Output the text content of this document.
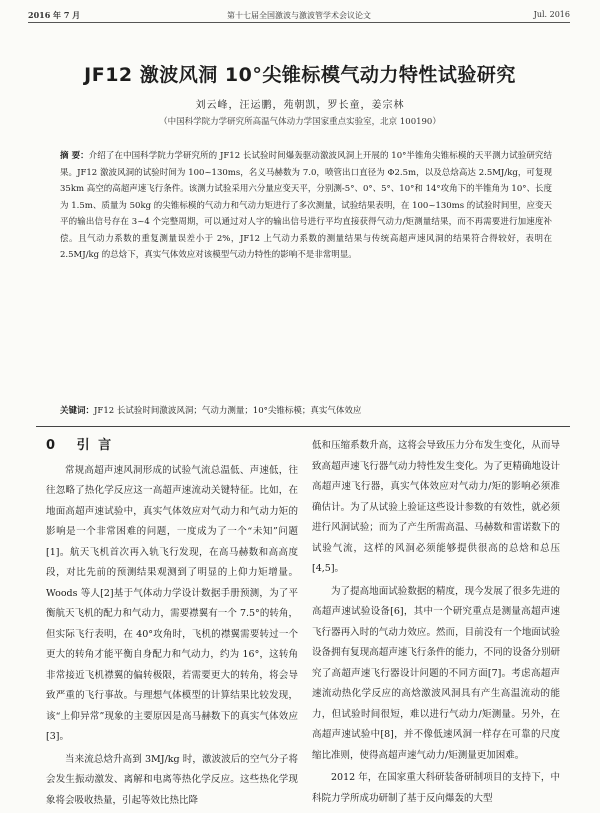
2016 年 7 月	第十七届全国激波与激波管学术会议论文	Jul. 2016
JF12 激波风洞 10°尖锥标模气动力特性试验研究
刘云峰，汪运鹏，苑朝凯，罗长童，姜宗林
（中国科学院力学研究所高温气体动力学国家重点实验室，北京 100190）
摘 要：介绍了在中国科学院力学研究所的 JF12 长试验时间爆轰驱动激波风洞上开展的 10°半锥角尖锥标模的天平测力试验研究结果。JF12 激波风洞的试验时间为 100~130ms，名义马赫数为 7.0，喷管出口直径为 Φ2.5m，以及总焓高达 2.5MJ/kg，可复现 35km 高空的高超声速飞行条件。该测力试验采用六分量应变天平，分别测-5°、0°、5°、10°和 14°攻角下的半锥角为 10°、长度为 1.5m、质量为 50kg 的尖锥标模的气动力和气动力矩进行了多次测量，试验结果表明，在 100~130ms 的试验时间里，应变天平的输出信号存在 3~4 个完整周期，可以通过对人字的输出信号进行平均直接获得气动力/矩测量结果，而不再需要进行加速度补偿。且气动力系数的重复测量误差小于 2%，JF12 上气动力系数的测量结果与传统高超声速风洞的结果符合得较好，表明在 2.5MJ/kg 的总焓下，真实气体效应对该模型气动力特性的影响不是非常明显。
关键词：JF12 长试验时间激波风洞；气动力测量；10°尖锥标模；真实气体效应
0 引 言

常规高超声速风洞形成的试验气流总温低、声速低，往往忽略了热化学反应这一高超声速流动关键特征。比如，在地面高超声速试验中，真实气体效应对气动力和气动力矩的影响是一个非常困难的问题，一度成为了一个“未知”问题[1]。航天飞机首次再入轨飞行发现，在高马赫数和高高度段，对比先前的预测结果观测到了明显的上仰力矩增量。Woods 等人[2]基于气体动力学设计数据手册预测，为了平衡航天飞机的配力和气动力，需要襟翼有一个 7.5°的转角，但实际飞行表明，在 40°攻角时，飞机的襟翼需要转过一个更大的转角才能平衡自身配力和气动力，约为 16°，这转角非常接近飞机襟翼的偏转极限，若需要更大的转角，将会导致严重的飞行事故。与理想气体模型的计算结果比较发现，该“上仰异常”现象的主要原因是高马赫数下的真实气体效应[3]。

当来流总焓升高到 3MJ/kg 时，激波波后的空气分子将会发生振动激发、离解和电离等热化学反应。这些热化学现象将会吸收热量，引起等效比热比降

低和压缩系数升高，这将会导致压力分布发生变化，从而导致高超声速飞行器气动力特性发生变化。为了更精确地设计高超声速飞行器，真实气体效应对气动力/矩的影响必须准确估计。为了从试验上验证这些设计参数的有效性，就必须进行风洞试验；而为了产生所需高温、马赫数和雷诺数下的试验气流，这样的风洞必须能够提供很高的总焓和总压[4,5]。

为了提高地面试验数据的精度，现今发展了很多先进的高超声速试验设备[6]，其中一个研究重点是测量高超声速飞行器再入时的气动力效应。然而，目前没有一个地面试验设备拥有复现高超声速飞行条件的能力，不同的设备分别研究了高超声速飞行器设计问题的不同方面[7]。考虑高超声速流动热化学反应的高焓激波风洞具有产生高温流动的能力，但试验时间很短，难以进行气动力/矩测量。另外，在高超声速试验中[8]，并不像低速风洞一样存在可靠的尺度缩比准则，使得高超声速气动力/矩测量更加困难。

2012 年，在国家重大科研装备研制项目的支持下，中科院力学所成功研制了基于反向爆轰的大型
